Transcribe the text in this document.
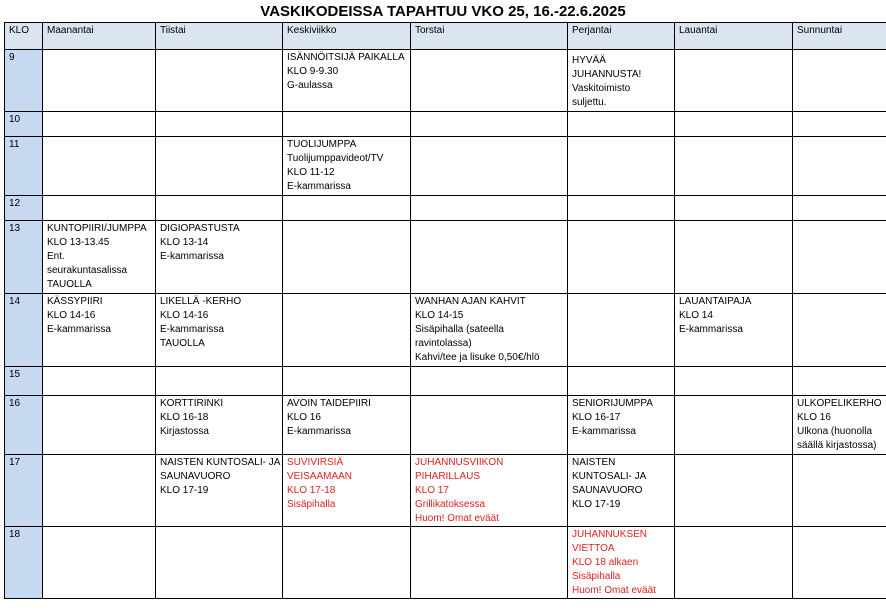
VASKIKODEISSA TAPAHTUU VKO 25, 16.-22.6.2025
KLO	Maanantai	Tiistai	Keskiviikko	Torstai	Perjantai	Lauantai	Sunnuntai
9			ISÄNNÖITSIJÄ PAIKALLA
KLO 9-9.30
G-aulassa		HYVÄÄ
JUHANNUSTA!
Vaskitoimisto
suljettu.		

10							
11			TUOLIJUMPPA
Tuolijumppavideot/TV
KLO 11-12
E-kammarissa				

12							
13	KUNTOPIIRI/JUMPPA
KLO 13-13.45
Ent.
seurakuntasalissa
TAUOLLA	DIGIOPASTUSTA
KLO 13-14
E-kammarissa					

14	KÄSSYPIIRI
KLO 14-16
E-kammarissa	LIKELLÄ -KERHO
KLO 14-16
E-kammarissa
TAUOLLA		WANHAN AJAN KAHVIT
KLO 14-15
Sisäpihalla (sateella
ravintolassa)
Kahvi/tee ja lisuke 0,50€/hlö		LAUANTAIPAJA
KLO 14
E-kammarissa	

15							
16		KORTTIRINKI
KLO 16-18
Kirjastossa	AVOIN TAIDEPIIRI
KLO 16
E-kammarissa		SENIORIJUMPPA
KLO 16-17
E-kammarissa		ULKOPELIKERHO
KLO 16
Ulkona (huonolla
säällä kirjastossa)

17		NAISTEN KUNTOSALI- JA
SAUNAVUORO
KLO 17-19	SUVIVIRSIÄ
VEISAAMAAN
KLO 17-18
Sisäpihalla	JUHANNUSVIIKON
PIHARILLAUS
KLO 17
Grillikatoksessa
Huom! Omat eväät	NAISTEN
KUNTOSALI- JA
SAUNAVUORO
KLO 17-19		

18					JUHANNUKSEN
VIETTOA
KLO 18 alkaen
Sisäpihalla
Huom! Omat eväät		
